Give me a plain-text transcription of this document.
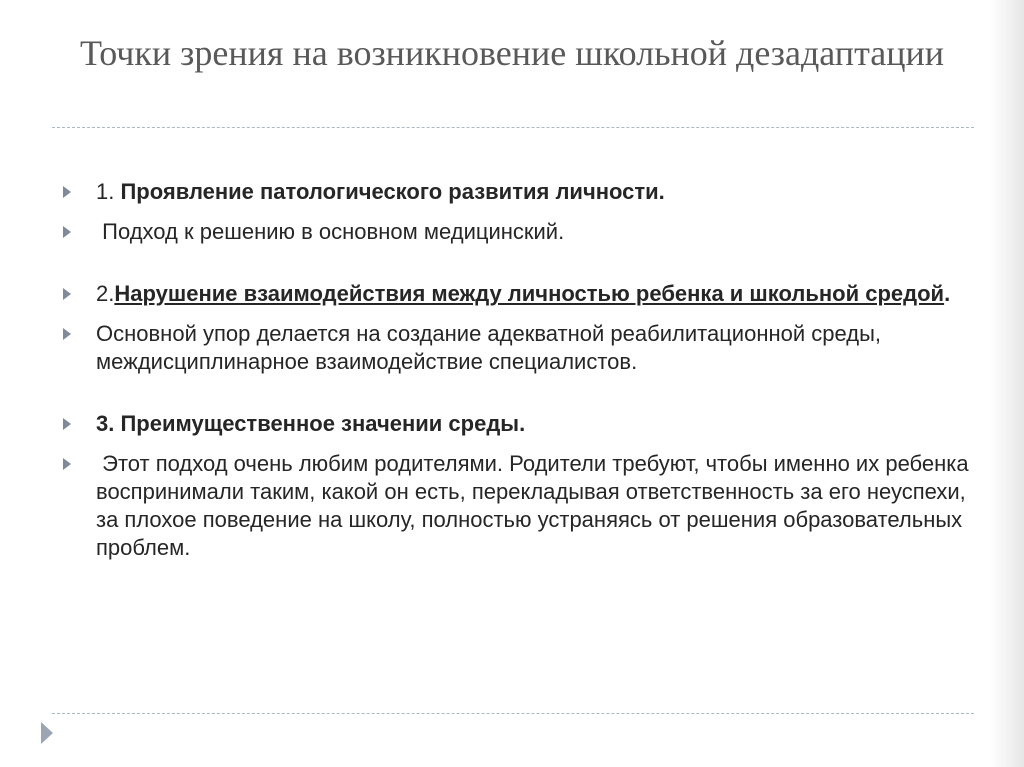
Точки зрения на возникновение школьной дезадаптации
1. Проявление патологического развития личности.
Подход к решению в основном медицинский.
2.Нарушение взаимодействия между личностью ребенка и школьной средой.
Основной упор делается на создание адекватной реабилитационной среды, междисциплинарное взаимодействие специалистов.
3. Преимущественное значении среды.
Этот подход очень любим родителями. Родители требуют, чтобы именно их ребенка воспринимали таким, какой он есть, перекладывая ответственность за его неуспехи, за плохое поведение на школу, полностью устраняясь от решения образовательных проблем.
